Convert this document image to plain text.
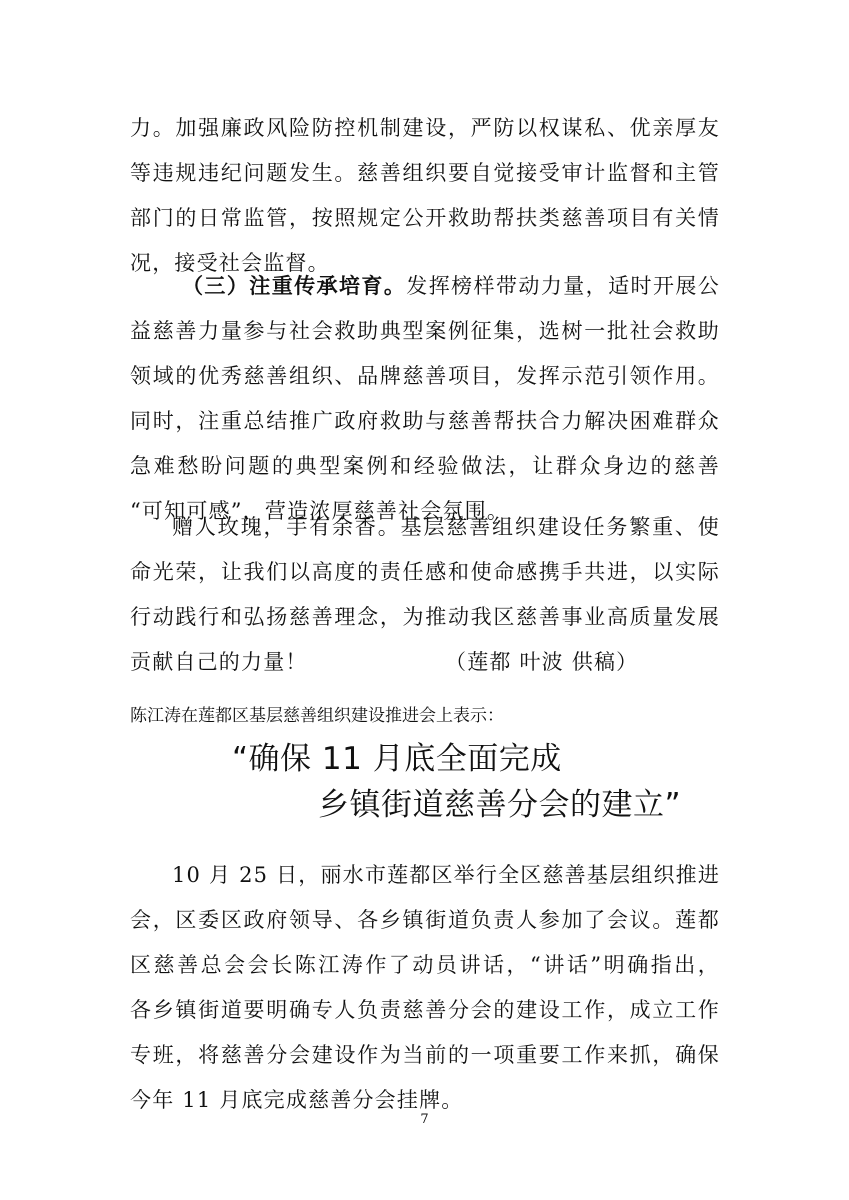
力。加强廉政风险防控机制建设，严防以权谋私、优亲厚友
等违规违纪问题发生。慈善组织要自觉接受审计监督和主管
部门的日常监管，按照规定公开救助帮扶类慈善项目有关情
况，接受社会监督。
（三）注重传承培育。发挥榜样带动力量，适时开展公
益慈善力量参与社会救助典型案例征集，选树一批社会救助
领域的优秀慈善组织、品牌慈善项目，发挥示范引领作用。
同时，注重总结推广政府救助与慈善帮扶合力解决困难群众
急难愁盼问题的典型案例和经验做法，让群众身边的慈善
“可知可感”，营造浓厚慈善社会氛围。
赠人玫瑰，手有余香。基层慈善组织建设任务繁重、使
命光荣，让我们以高度的责任感和使命感携手共进，以实际
行动践行和弘扬慈善理念，为推动我区慈善事业高质量发展
贡献自己的力量！	（莲都 叶波 供稿）
陈江涛在莲都区基层慈善组织建设推进会上表示：
“确保 11 月底全面完成
乡镇街道慈善分会的建立”
10 月 25 日，丽水市莲都区举行全区慈善基层组织推进
会，区委区政府领导、各乡镇街道负责人参加了会议。莲都
区慈善总会会长陈江涛作了动员讲话，“讲话”明确指出，
各乡镇街道要明确专人负责慈善分会的建设工作，成立工作
专班，将慈善分会建设作为当前的一项重要工作来抓，确保
今年 11 月底完成慈善分会挂牌。
7
